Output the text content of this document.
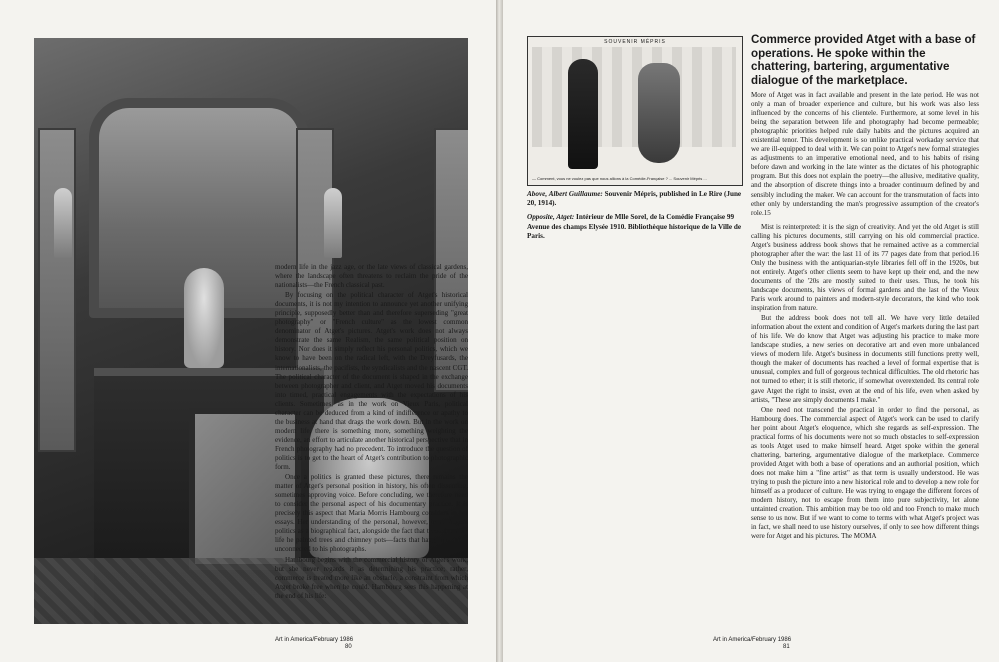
modern life in the jazz age, or the late views of classical gardens, where the landscape often threatens to reclaim the pride of the nationalists—the French classical past.

By focusing on the political character of Atget's historical documents, it is not my intention to announce yet another unifying principle, supposedly better than and therefore superseding "great photography" or "French culture" as the lowest common denominator of Atget's pictures. Atget's work does not always demonstrate the same Realism, the same political position on history. Nor does it simply reflect his personal politics, which we know to have been on the radical left, with the Dreyfusards, the internationalists, the pacifists, the syndicalists and the nascent CGT. The political character of the document is shaped in the exchange between photographer and client, and Atget moved his documents into timed, practical engagements with the expectations of his clients. Sometimes, as in the work on Vieux Paris, political character can be deduced from a kind of indifference or apathy to the business at hand that drags the work down. But in the work on modern life, there is something more, something weighting the evidence, an effort to articulate another historical perspective that in French photography had no precedent. To introduce the question of politics is to get to the heart of Atget's contribution to photographic form.

Once a politics is granted these pictures, there remains the matter of Atget's personal position in history, his often dissenting, sometimes approving voice. Before concluding, we therefore need to consider the personal aspect of his documentary practice. It is precisely this aspect that Maria Morris Hambourg considers in her essays. Her understanding of the personal, however, treats Atget's politics as a biographical fact, alongside the fact that throughout his life he painted trees and chimney pots—facts that hang in a limbo unconnected to his photographs.

Hambourg begins with the commercial history of Atget's work, but she never regards it as determining his practice; rather, commerce is treated more like an obstacle, a constraint from which Atget broke free when he could. Hambourg sees this happening at the end of his life:

Art in America/February 1986
80
SOUVENIR MÉPRIS
— Comment, vous ne voulez pas que nous allions à la Comédie-Française ? ... Souvenir Mépris ...

Above, Albert Guillaume: Souvenir Mépris, published in Le Rire (June 20, 1914).

Opposite, Atget: Intérieur de Mlle Sorel, de la Comédie Française 99 Avenue des champs Elysée 1910. Bibliothèque historique de la Ville de Paris.

Commerce provided Atget with a base of operations. He spoke within the chattering, bartering, argumentative dialogue of the marketplace.

More of Atget was in fact available and present in the late period. He was not only a man of broader experience and culture, but his work was also less influenced by the concerns of his clientele. Furthermore, at some level in his being the separation between life and photography had become permeable; photographic priorities helped rule daily habits and the pictures acquired an existential tenor. This development is so unlike practical workaday service that we are ill-equipped to deal with it. We can point to Atget's new formal strategies as adjustments to an imperative emotional need, and to his habits of rising before dawn and working in the late winter as the dictates of his photographic program. But this does not explain the poetry—the allusive, meditative quality, and the absorption of discrete things into a broader continuum defined by and sensibly including the maker. We can account for the transmutation of facts into ether only by understanding the man's progressive assumption of the creator's role.15

Mist is reinterpreted: it is the sign of creativity. And yet the old Atget is still calling his pictures documents, still carrying on his old commercial practice. Atget's business address book shows that he remained active as a commercial photographer after the war: the last 11 of its 77 pages date from that period.16 Only the business with the antiquarian-style libraries fell off in the 1920s, but not entirely. Atget's other clients seem to have kept up their end, and the new documents of the '20s are mostly suited to their uses. Thus, he took his landscape documents, his views of formal gardens and the last of the Vieux Paris work around to painters and modern-style decorators, the kind who took inspiration from nature.

But the address book does not tell all. We have very little detailed information about the extent and condition of Atget's markets during the last part of his life. We do know that Atget was adjusting his practice to make more landscape studies, a new series on decorative art and even more unbalanced views of modern life. Atget's business in documents still functions pretty well, though the maker of documents has reached a level of formal expertise that is unusual, complex and full of gorgeous technical difficulties. The old rhetoric has not turned to ether; it is still rhetoric, if somewhat overextended. Its central role gave Atget the right to insist, even at the end of his life, even when asked by artists, "These are simply documents I make."

One need not transcend the practical in order to find the personal, as Hambourg does. The commercial aspect of Atget's work can be used to clarify her point about Atget's eloquence, which she regards as self-expression. The practical forms of his documents were not so much obstacles to self-expression as tools Atget used to make himself heard. Atget spoke within the general chattering, bartering, argumentative dialogue of the marketplace. Commerce provided Atget with both a base of operations and an authorial position, which does not make him a "fine artist" as that term is usually understood. He was trying to push the picture into a new historical role and to develop a new role for himself as a producer of culture. He was trying to engage the different forces of modern history, not to escape from them into pure subjectivity, let alone untainted creation. This ambition may be too old and too French to make much sense to us now. But if we want to come to terms with what Atget's project was in fact, we shall need to use history ourselves, if only to see how different things were for Atget and his pictures. The MOMA

Art in America/February 1986
81
